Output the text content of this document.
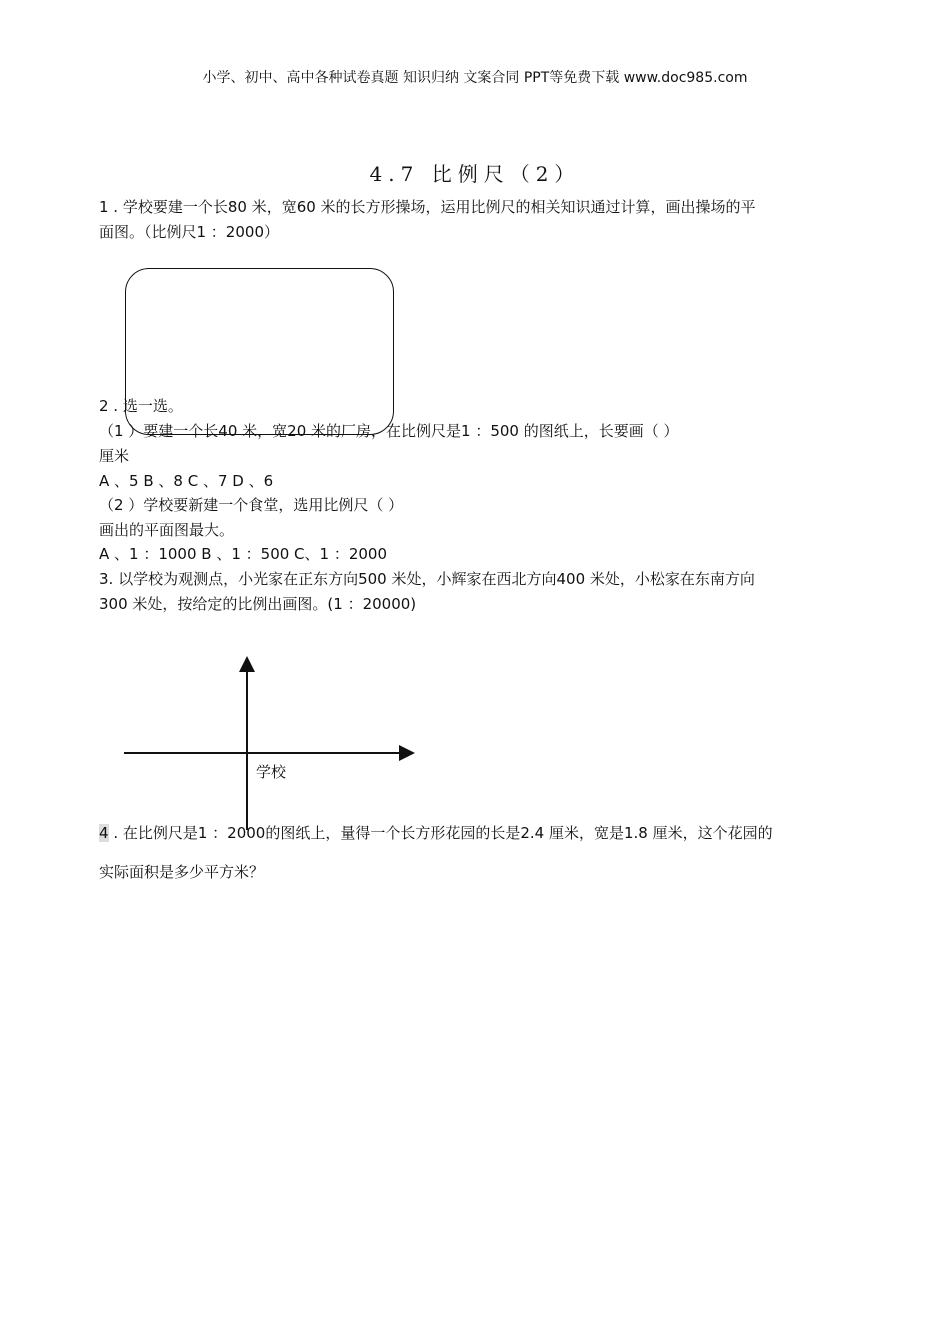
小学、初中、高中各种试卷真题 知识归纳 文案合同 PPT等免费下载 www.doc985.com
4.7 比例尺（2）
1 . 学校要建一个长80 米，宽60 米的长方形操场，运用比例尺的相关知识通过计算，画出操场的平
面图。（比例尺1 ：2000）
2 . 选一选。
（1 ）要建一个长40 米，宽20 米的厂房，在比例尺是1 ：500 的图纸上，长要画（ ）
厘米
A 、5 B 、8 C 、7 D 、6
（2 ）学校要新建一个食堂，选用比例尺（ ）
画出的平面图最大。
A 、1 ：1000 B 、1 ：500 C、1 ：2000
3. 以学校为观测点，小光家在正东方向500 米处，小辉家在西北方向400 米处，小松家在东南方向
300 米处，按给定的比例出画图。(1 ：20000)
学校
4 . 在比例尺是1 ：2000的图纸上，量得一个长方形花园的长是2.4 厘米，宽是1.8 厘米，这个花园的
实际面积是多少平方米？
